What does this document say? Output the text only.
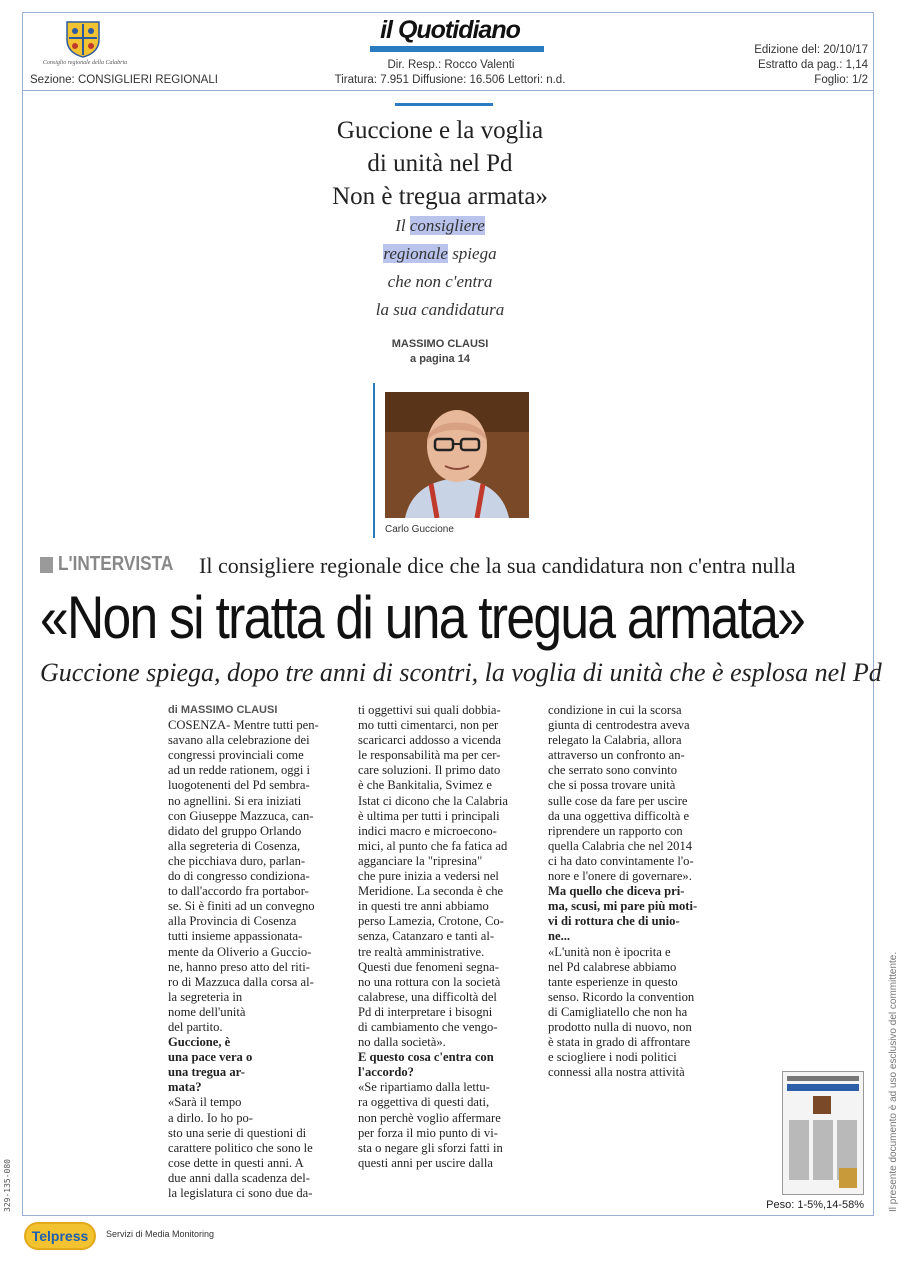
Consiglio regionale della Calabria
Sezione: CONSIGLIERI REGIONALI
il Quotidiano
Dir. Resp.: Rocco Valenti
Tiratura: 7.951 Diffusione: 16.506 Lettori: n.d.
Edizione del: 20/10/17
Estratto da pag.: 1,14
Foglio: 1/2
Guccione e la voglia
di unità nel Pd
Non è tregua armata»
Il consigliere
regionale spiega
che non c'entra
la sua candidatura
MASSIMO CLAUSI
a pagina 14
Carlo Guccione
L'INTERVISTA Il consigliere regionale dice che la sua candidatura non c'entra nulla
«Non si tratta di una tregua armata»
Guccione spiega, dopo tre anni di scontri, la voglia di unità che è esplosa nel Pd

di MASSIMO CLAUSI

COSENZA- Mentre tutti pen-
savano alla celebrazione dei
congressi provinciali come
ad un redde rationem, oggi i
luogotenenti del Pd sembra-
no agnellini. Si era iniziati
con Giuseppe Mazzuca, can-
didato del gruppo Orlando
alla segreteria di Cosenza,
che picchiava duro, parlan-
do di congresso condiziona-
to dall'accordo fra portabor-
se. Si è finiti ad un convegno
alla Provincia di Cosenza
tutti insieme appassionata-
mente da Oliverio a Guccio-
ne, hanno preso atto del riti-
ro di Mazzuca dalla corsa al-
la segreteria in
nome dell'unità
del partito.
Guccione, è
una pace vera o
una tregua ar-
mata?
«Sarà il tempo
a dirlo. Io ho po-
sto una serie di questioni di
carattere politico che sono le
cose dette in questi anni. A
due anni dalla scadenza del-
la legislatura ci sono due da-
ti oggettivi sui quali dobbia-
mo tutti cimentarci, non per
scaricarci addosso a vicenda
le responsabilità ma per cer-
care soluzioni. Il primo dato
è che Bankitalia, Svimez e
Istat ci dicono che la Calabria
è ultima per tutti i principali
indici macro e microecono-
mici, al punto che fa fatica ad
agganciare la "ripresina"
che pure inizia a vedersi nel
Meridione. La seconda è che
in questi tre anni abbiamo
perso Lamezia, Crotone, Co-
senza, Catanzaro e tanti al-
tre realtà amministrative.
Questi due fenomeni segna-
no una rottura con la società
calabrese, una difficoltà del
Pd di interpretare i bisogni
di cambiamento che vengo-
no dalla società».
E questo cosa c'entra con
l'accordo?
«Se ripartiamo dalla lettu-
ra oggettiva di questi dati,
non perchè voglio affermare
per forza il mio punto di vi-
sta o negare gli sforzi fatti in
questi anni per uscire dalla
condizione in cui la scorsa
giunta di centrodestra aveva
relegato la Calabria, allora
attraverso un confronto an-
che serrato sono convinto
che si possa trovare unità
sulle cose da fare per uscire
da una oggettiva difficoltà e
riprendere un rapporto con
quella Calabria che nel 2014
ci ha dato convintamente l'o-
nore e l'onere di governare».
Ma quello che diceva pri-
ma, scusi, mi pare più moti-
vi di rottura che di unio-
ne...
«L'unità non è ipocrita e
nel Pd calabrese abbiamo
tante esperienze in questo
senso. Ricordo la convention
di Camigliatello che non ha
prodotto nulla di nuovo, non
è stata in grado di affrontare
e sciogliere i nodi politici
connessi alla nostra attività
Peso: 1-5%,14-58% Il presente documento è ad uso esclusivo del committente.
329-135-080
Telpress	Servizi di Media Monitoring
